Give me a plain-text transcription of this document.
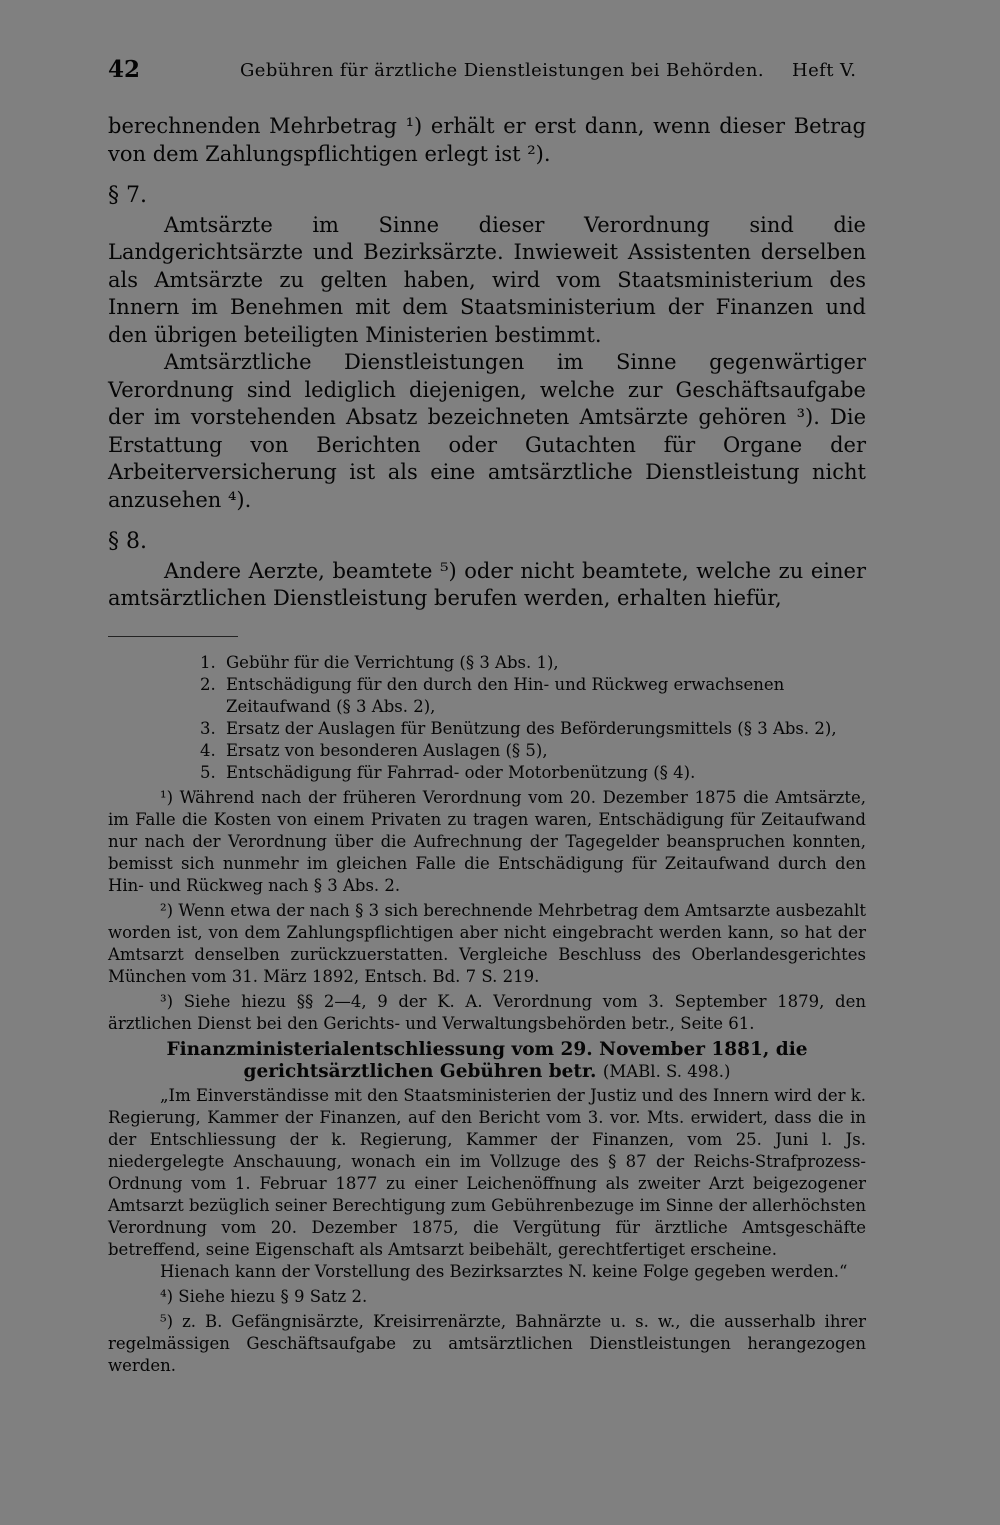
42	Gebühren für ärztliche Dienstleistungen bei Behörden. Heft V.

berechnenden Mehrbetrag ¹) erhält er erst dann, wenn dieser Betrag von dem Zahlungspflichtigen erlegt ist ²).

§ 7.

Amtsärzte im Sinne dieser Verordnung sind die Landgerichtsärzte und Bezirksärzte. Inwieweit Assistenten derselben als Amtsärzte zu gelten haben, wird vom Staatsministerium des Innern im Benehmen mit dem Staatsministerium der Finanzen und den übrigen beteiligten Ministerien bestimmt.

Amtsärztliche Dienstleistungen im Sinne gegenwärtiger Verordnung sind lediglich diejenigen, welche zur Geschäftsaufgabe der im vorstehenden Absatz bezeichneten Amtsärzte gehören ³). Die Erstattung von Berichten oder Gutachten für Organe der Arbeiterversicherung ist als eine amtsärztliche Dienstleistung nicht anzusehen ⁴).

§ 8.

Andere Aerzte, beamtete ⁵) oder nicht beamtete, welche zu einer amtsärztlichen Dienstleistung berufen werden, erhalten hiefür,

1. Gebühr für die Verrichtung (§ 3 Abs. 1),
2. Entschädigung für den durch den Hin- und Rückweg erwachsenen Zeitaufwand (§ 3 Abs. 2),
3. Ersatz der Auslagen für Benützung des Beförderungsmittels (§ 3 Abs. 2),
4. Ersatz von besonderen Auslagen (§ 5),
5. Entschädigung für Fahrrad- oder Motorbenützung (§ 4).

¹) Während nach der früheren Verordnung vom 20. Dezember 1875 die Amtsärzte, im Falle die Kosten von einem Privaten zu tragen waren, Entschädigung für Zeitaufwand nur nach der Verordnung über die Aufrechnung der Tagegelder beanspruchen konnten, bemisst sich nunmehr im gleichen Falle die Entschädigung für Zeitaufwand durch den Hin- und Rückweg nach § 3 Abs. 2.

²) Wenn etwa der nach § 3 sich berechnende Mehrbetrag dem Amtsarzte ausbezahlt worden ist, von dem Zahlungspflichtigen aber nicht eingebracht werden kann, so hat der Amtsarzt denselben zurückzuerstatten. Vergleiche Beschluss des Oberlandesgerichtes München vom 31. März 1892, Entsch. Bd. 7 S. 219.

³) Siehe hiezu §§ 2—4, 9 der K. A. Verordnung vom 3. September 1879, den ärztlichen Dienst bei den Gerichts- und Verwaltungsbehörden betr., Seite 61.

Finanzministerialentschliessung vom 29. November 1881, die gerichtsärztlichen Gebühren betr. (MABl. S. 498.)

„Im Einverständisse mit den Staatsministerien der Justiz und des Innern wird der k. Regierung, Kammer der Finanzen, auf den Bericht vom 3. vor. Mts. erwidert, dass die in der Entschliessung der k. Regierung, Kammer der Finanzen, vom 25. Juni l. Js. niedergelegte Anschauung, wonach ein im Vollzuge des § 87 der Reichs-Strafprozess-Ordnung vom 1. Februar 1877 zu einer Leichenöffnung als zweiter Arzt beigezogener Amtsarzt bezüglich seiner Berechtigung zum Gebührenbezuge im Sinne der allerhöchsten Verordnung vom 20. Dezember 1875, die Vergütung für ärztliche Amtsgeschäfte betreffend, seine Eigenschaft als Amtsarzt beibehält, gerechtfertiget erscheine.

Hienach kann der Vorstellung des Bezirksarztes N. keine Folge gegeben werden.“

⁴) Siehe hiezu § 9 Satz 2.

⁵) z. B. Gefängnisärzte, Kreisirrenärzte, Bahnärzte u. s. w., die ausserhalb ihrer regelmässigen Geschäftsaufgabe zu amtsärztlichen Dienstleistungen herangezogen werden.
